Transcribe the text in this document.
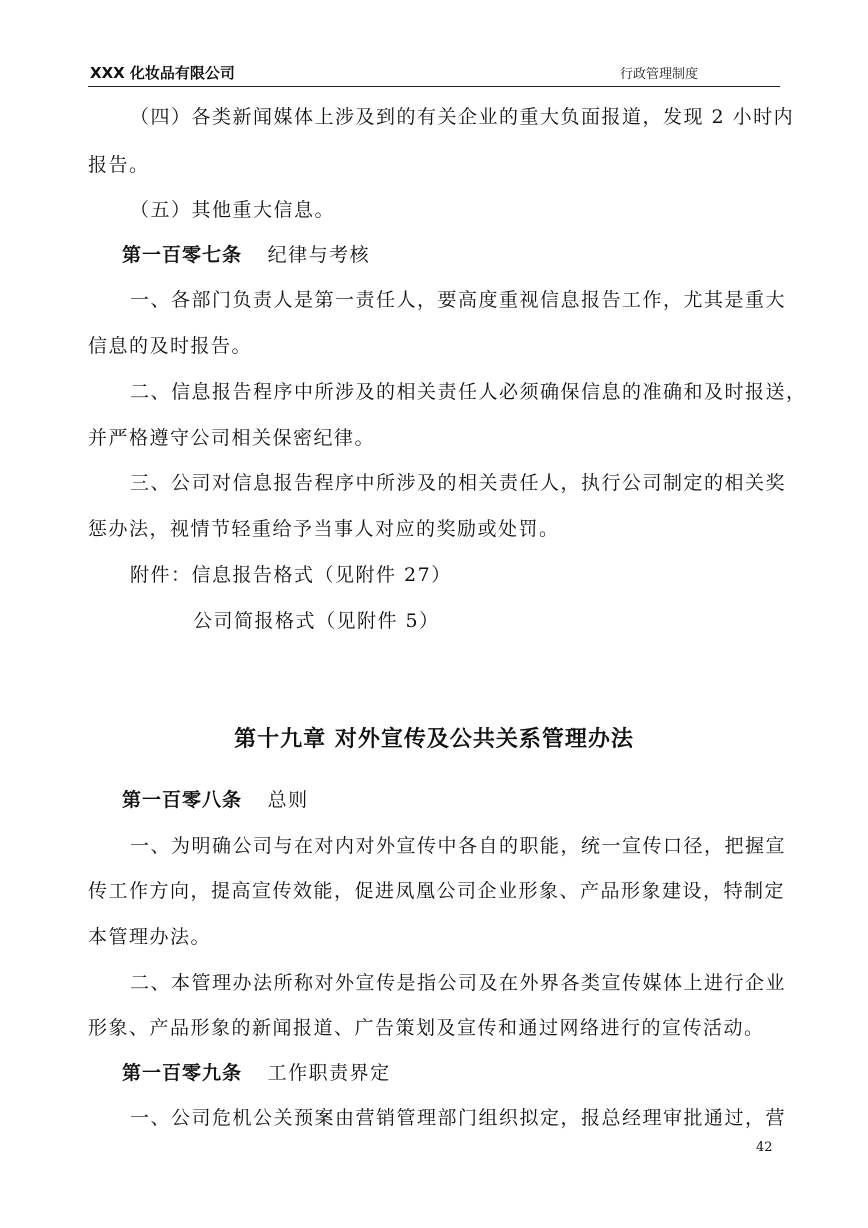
XXX 化妆品有限公司	行政管理制度
（四）各类新闻媒体上涉及到的有关企业的重大负面报道，发现 2 小时内
报告。
（五）其他重大信息。
第一百零七条 纪律与考核
一、各部门负责人是第一责任人，要高度重视信息报告工作，尤其是重大
信息的及时报告。
二、信息报告程序中所涉及的相关责任人必须确保信息的准确和及时报送，
并严格遵守公司相关保密纪律。
三、公司对信息报告程序中所涉及的相关责任人，执行公司制定的相关奖
惩办法，视情节轻重给予当事人对应的奖励或处罚。
附件：信息报告格式（见附件 27）
公司简报格式（见附件 5）
第十九章 对外宣传及公共关系管理办法
第一百零八条 总则
一、为明确公司与在对内对外宣传中各自的职能，统一宣传口径，把握宣
传工作方向，提高宣传效能，促进凤凰公司企业形象、产品形象建设，特制定
本管理办法。
二、本管理办法所称对外宣传是指公司及在外界各类宣传媒体上进行企业
形象、产品形象的新闻报道、广告策划及宣传和通过网络进行的宣传活动。
第一百零九条 工作职责界定
一、公司危机公关预案由营销管理部门组织拟定，报总经理审批通过，营
42
